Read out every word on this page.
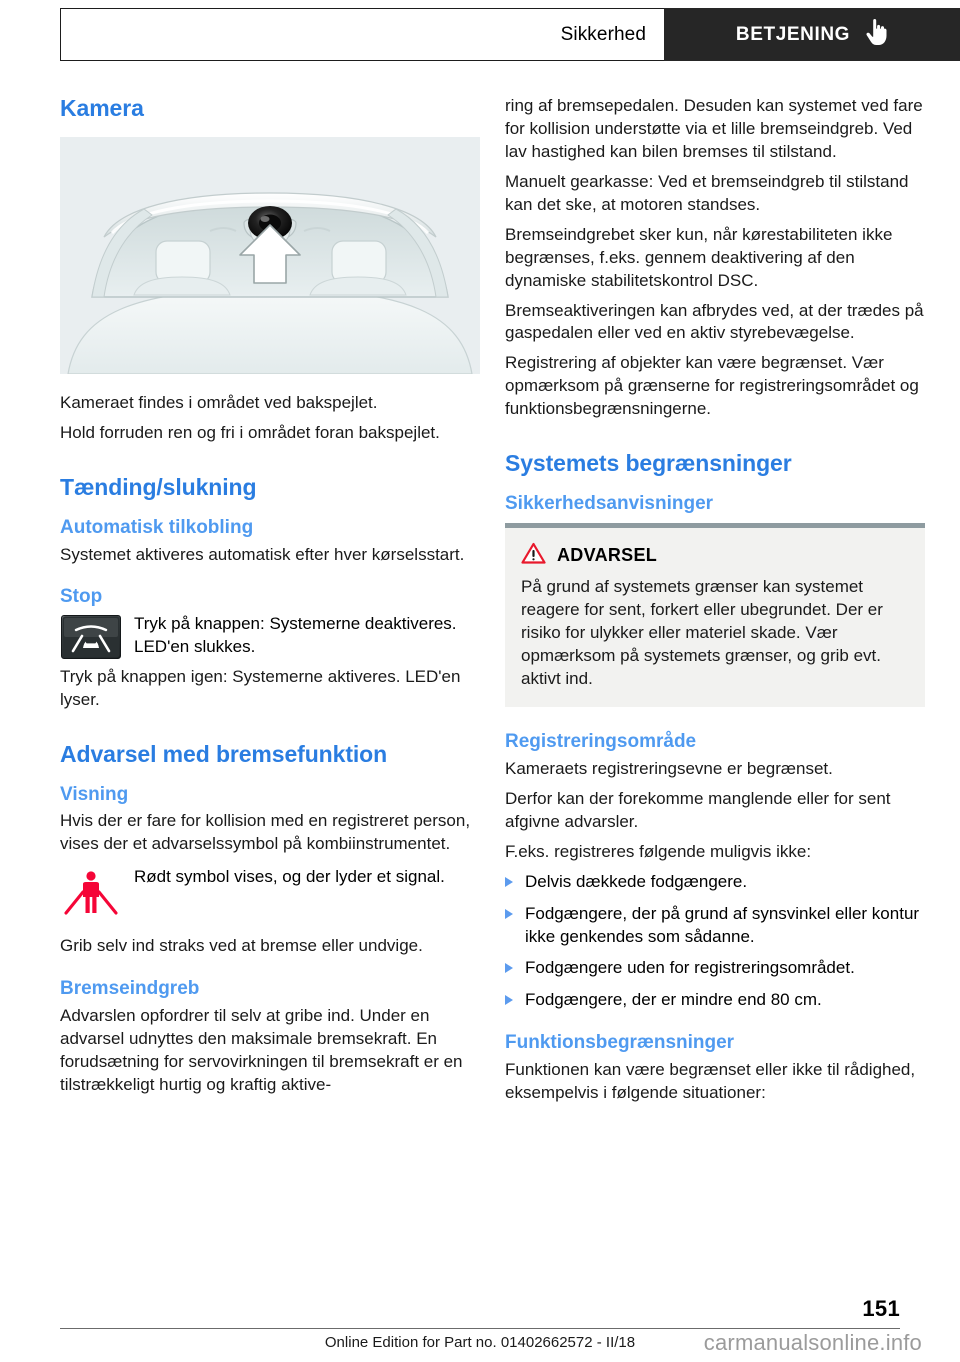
Sikkerhed	BETJENING
Kamera

Kameraet findes i området ved bakspejlet.

Hold forruden ren og fri i området foran bakspejlet.

Tænding/slukning
Automatisk tilkobling

Systemet aktiveres automatisk efter hver kørselsstart.

Stop
Tryk på knappen: Systemerne deaktiveres. LED'en slukkes.

Tryk på knappen igen: Systemerne aktiveres. LED'en lyser.

Advarsel med bremsefunktion
Visning

Hvis der er fare for kollision med en registreret person, vises der et advarselssymbol på kombiinstrumentet.

Rødt symbol vises, og der lyder et signal.

Grib selv ind straks ved at bremse eller undvige.

Bremseindgreb

Advarslen opfordrer til selv at gribe ind. Under en advarsel udnyttes den maksimale bremsekraft. En forudsætning for servovirkningen til bremsekraft er en tilstrækkeligt hurtig og kraftig aktive-

ring af bremsepedalen. Desuden kan systemet ved fare for kollision understøtte via et lille bremseindgreb. Ved lav hastighed kan bilen bremses til stilstand.

Manuelt gearkasse: Ved et bremseindgreb til stilstand kan det ske, at motoren standses.

Bremseindgrebet sker kun, når kørestabiliteten ikke begrænses, f.eks. gennem deaktivering af den dynamiske stabilitetskontrol DSC.

Bremseaktiveringen kan afbrydes ved, at der trædes på gaspedalen eller ved en aktiv styrebevægelse.

Registrering af objekter kan være begrænset. Vær opmærksom på grænserne for registreringsområdet og funktionsbegrænsningerne.

Systemets begrænsninger
Sikkerhedsanvisninger
ADVARSEL

På grund af systemets grænser kan systemet reagere for sent, forkert eller ubegrundet. Der er risiko for ulykker eller materiel skade. Vær opmærksom på systemets grænser, og grib evt. aktivt ind.

Registreringsområde

Kameraets registreringsevne er begrænset.

Derfor kan der forekomme manglende eller for sent afgivne advarsler.

F.eks. registreres følgende muligvis ikke:

Delvis dækkede fodgængere.
Fodgængere, der på grund af synsvinkel eller kontur ikke genkendes som sådanne.
Fodgængere uden for registreringsområdet.
Fodgængere, der er mindre end 80 cm.
Funktionsbegrænsninger

Funktionen kan være begrænset eller ikke til rådighed, eksempelvis i følgende situationer:

151
Online Edition for Part no. 01402662572 - II/18	carmanualsonline.info
